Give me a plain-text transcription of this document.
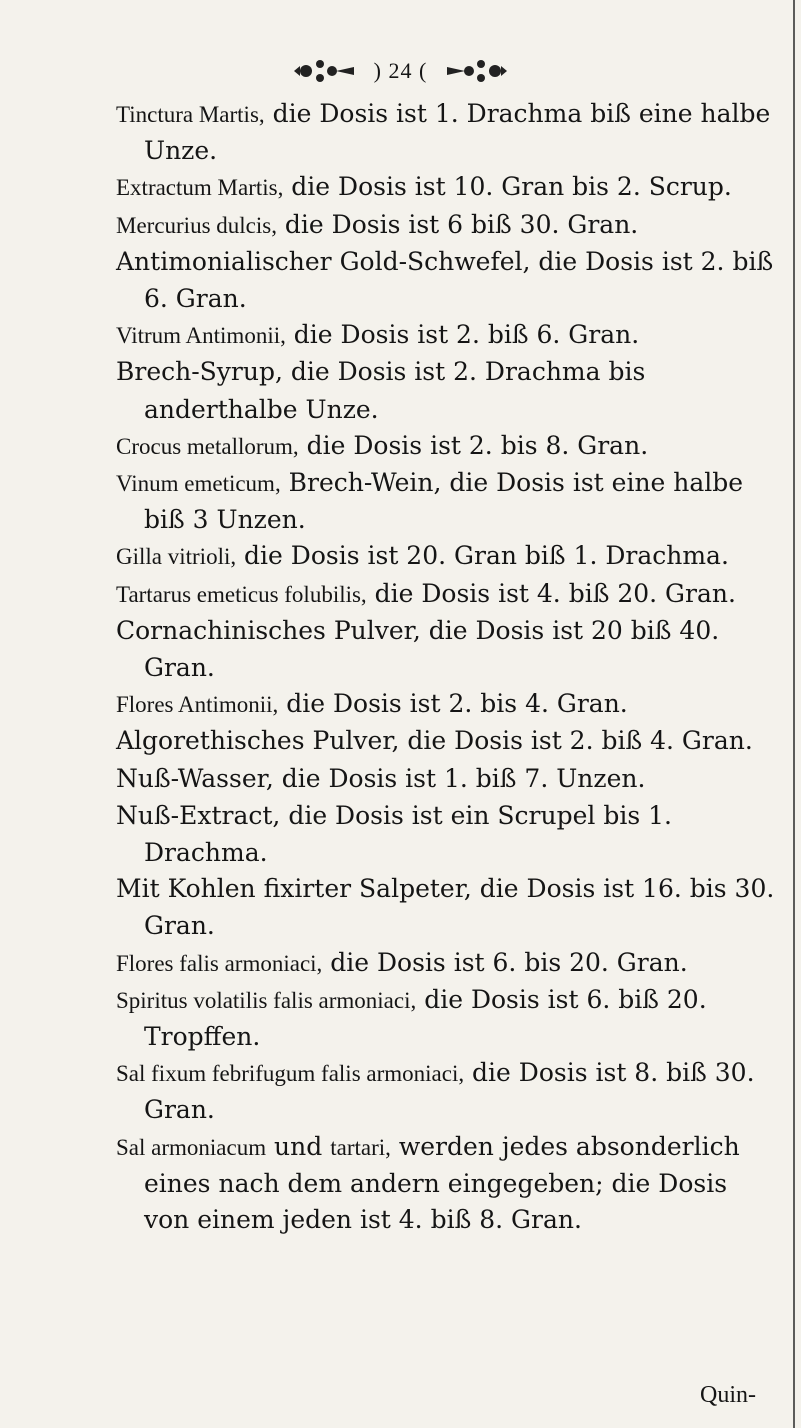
) 24 (
Tinctura Martis, die Dosis ist 1. Drachma biß eine halbe Unze.
Extractum Martis, die Dosis ist 10. Gran bis 2. Scrup.
Mercurius dulcis, die Dosis ist 6 biß 30. Gran.
Antimonialischer Gold-Schwefel, die Dosis ist 2. biß 6. Gran.
Vitrum Antimonii, die Dosis ist 2. biß 6. Gran.
Brech-Syrup, die Dosis ist 2. Drachma bis anderthalbe Unze.
Crocus metallorum, die Dosis ist 2. bis 8. Gran.
Vinum emeticum, Brech-Wein, die Dosis ist eine halbe biß 3 Unzen.
Gilla vitrioli, die Dosis ist 20. Gran biß 1. Drachma.
Tartarus emeticus folubilis, die Dosis ist 4. biß 20. Gran.
Cornachinisches Pulver, die Dosis ist 20 biß 40. Gran.
Flores Antimonii, die Dosis ist 2. bis 4. Gran.
Algorethisches Pulver, die Dosis ist 2. biß 4. Gran.
Nuß-Wasser, die Dosis ist 1. biß 7. Unzen.
Nuß-Extract, die Dosis ist ein Scrupel bis 1. Drachma.
Mit Kohlen fixirter Salpeter, die Dosis ist 16. bis 30. Gran.
Flores falis armoniaci, die Dosis ist 6. bis 20. Gran.
Spiritus volatilis falis armoniaci, die Dosis ist 6. biß 20. Tropffen.
Sal fixum febrifugum falis armoniaci, die Dosis ist 8. biß 30. Gran.
Sal armoniacum und tartari, werden jedes absonderlich eines nach dem andern eingegeben; die Dosis von einem jeden ist 4. biß 8. Gran.
Quin-
